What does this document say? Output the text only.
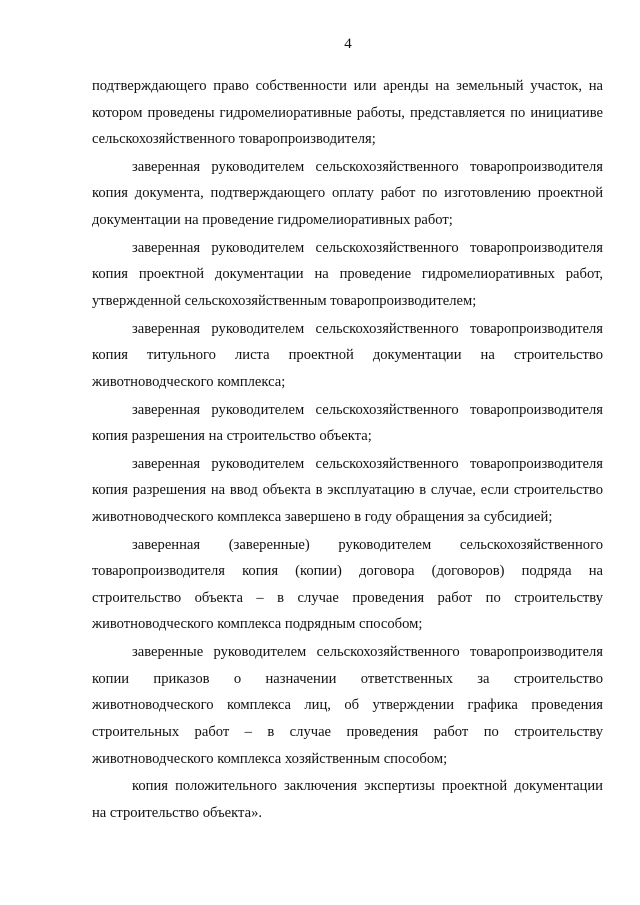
4

подтверждающего право собственности или аренды на земельный участок, на котором проведены гидромелиоративные работы, представляется по инициативе сельскохозяйственного товаропроизводителя;

заверенная руководителем сельскохозяйственного товаропроизводителя копия документа, подтверждающего оплату работ по изготовлению проектной документации на проведение гидромелиоративных работ;

заверенная руководителем сельскохозяйственного товаропроизводителя копия проектной документации на проведение гидромелиоративных работ, утвержденной сельскохозяйственным товаропроизводителем;

заверенная руководителем сельскохозяйственного товаропроизводителя копия титульного листа проектной документации на строительство животноводческого комплекса;

заверенная руководителем сельскохозяйственного товаропроизводителя копия разрешения на строительство объекта;

заверенная руководителем сельскохозяйственного товаропроизводителя копия разрешения на ввод объекта в эксплуатацию в случае, если строительство животноводческого комплекса завершено в году обращения за субсидией;

заверенная (заверенные) руководителем сельскохозяйственного товаропроизводителя копия (копии) договора (договоров) подряда на строительство объекта – в случае проведения работ по строительству животноводческого комплекса подрядным способом;

заверенные руководителем сельскохозяйственного товаропроизводителя копии приказов о назначении ответственных за строительство животноводческого комплекса лиц, об утверждении графика проведения строительных работ – в случае проведения работ по строительству животноводческого комплекса хозяйственным способом;

копия положительного заключения экспертизы проектной документации на строительство объекта».
